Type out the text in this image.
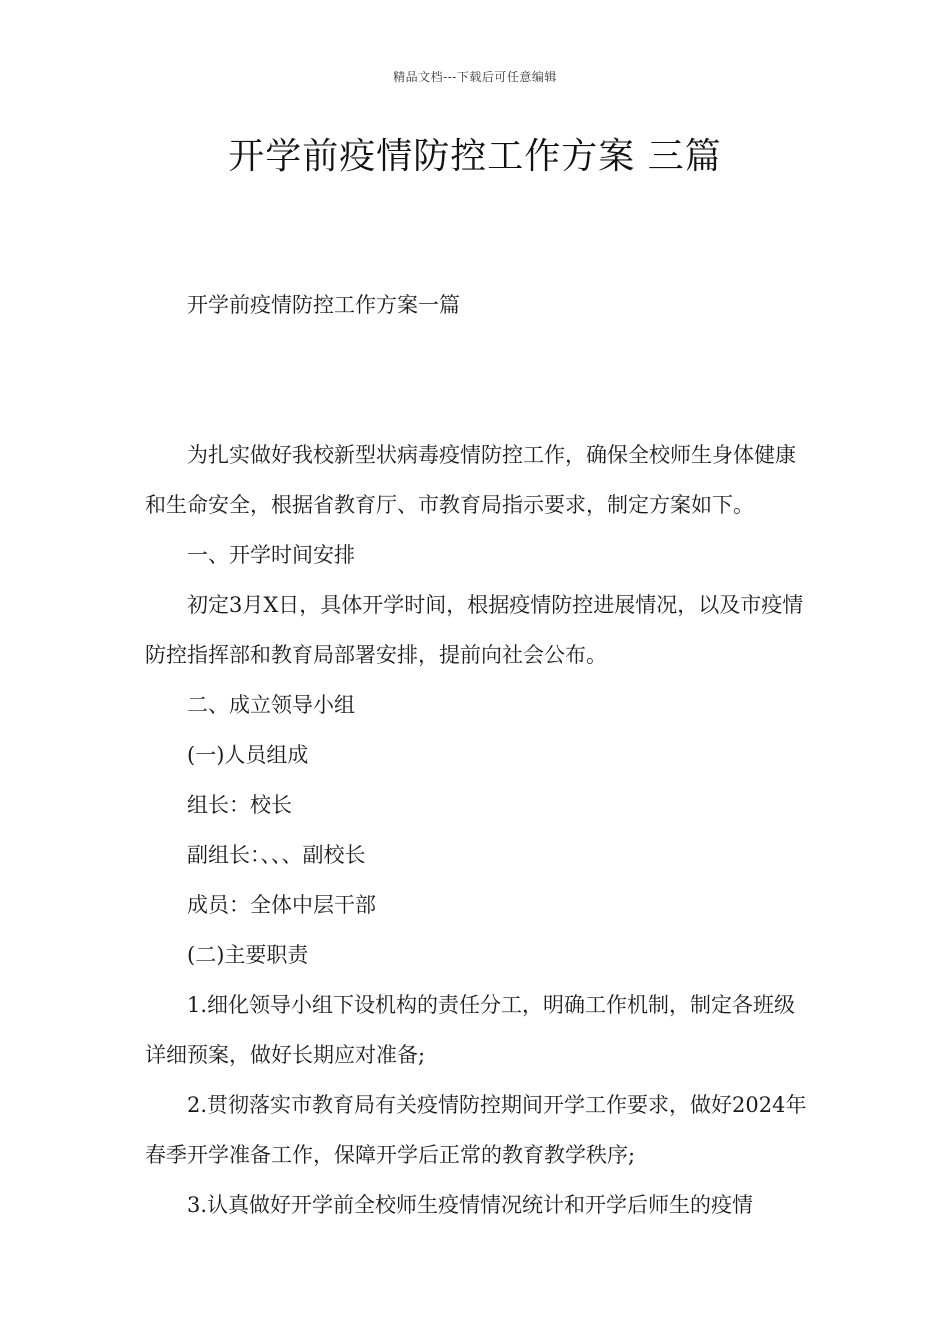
精品文档---下载后可任意编辑
开学前疫情防控工作方案 三篇

开学前疫情防控工作方案一篇

为扎实做好我校新型状病毒疫情防控工作，确保全校师生身体健康和生命安全，根据省教育厅、市教育局指示要求，制定方案如下。

一、开学时间安排

初定3月X日，具体开学时间，根据疫情防控进展情况，以及市疫情防控指挥部和教育局部署安排，提前向社会公布。

二、成立领导小组

(一)人员组成

组长：校长

副组长：、、、副校长

成员：全体中层干部

(二)主要职责

1.细化领导小组下设机构的责任分工，明确工作机制，制定各班级详细预案，做好长期应对准备;

2.贯彻落实市教育局有关疫情防控期间开学工作要求，做好2024年春季开学准备工作，保障开学后正常的教育教学秩序;

3.认真做好开学前全校师生疫情情况统计和开学后师生的疫情
